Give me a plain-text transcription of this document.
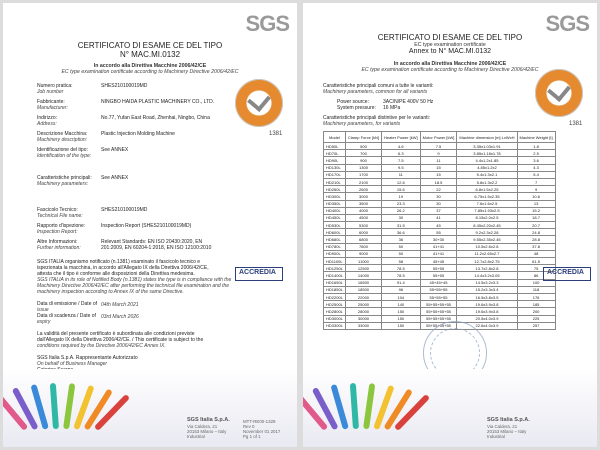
SGS
CERTIFICATO DI ESAME CE DEL TIPO
N° MAC.MI.0132
In accordo alla Direttiva Macchine 2006/42/CE
EC type examination certificate according to Machinery Directive 2006/42/EC
Numero pratica:
Job number
SHES210100019MD
Fabbricante:
Manufacturer:
NINGBO HAIDA PLASTIC MACHINERY CO., LTD.
Indirizzo:
Address:
No.77, Yufan East Road, Zhenhai, Ningbo, China
Descrizione Macchina:
Machinery description:
Plastic Injection Molding Machine
Identificazione del tipo:
Identification of the type:
See ANNEX
Caratteristiche principali:
Machinery parameters:
See ANNEX
Fascicolo Tecnico:
Technical File name:
SHES210100019MD
Rapporto d'ispezione:
Inspection Report:
Inspection Report (SHES210100019MD)
Altre Informazioni:
Further information:
Relevant Standards: EN ISO 20430:2020, EN 201:2009, EN 60204-1:2018, EN ISO 12100:2010
SGS ITALIA organismo notificato (n.1381) esaminato il fascicolo tecnico e
ispezionata la macchina, in accordo all'Allegato IX della Direttiva 2006/42/CE,
attesta che il tipo è conforme alle disposizioni della Direttiva medesima.
SGS ITALIA in its role of Notified Body (n.1381) states the type is in compliance with the
Machinery Directive 2006/42/EC after performing the technical file examination and the
machinery inspection according to Annex IX of the same Directive.
Data di emissione / Date of
issue
04th March 2021
Data di scadenza / Date of
expiry
03rd March 2026
La validità del presente certificato è subordinata alle condizioni previste
dall'Allegato IX della Direttiva 2006/42/CE. / This certificate is subject to the
conditions required by the Directive 2006/42/EC Annex IX.
SGS Italia S.p.A. Rappresentante Autorizzato
On behalf of Business Manager
1381
ACCREDIA
SGS Italia S.p.A.
Via Caldera, 21
20153 Milano – Italy
Industrial
MTT-RE00-1329
Rev 0
November 01 2017
Pg 1 of 1
SGS
CERTIFICATO DI ESAME CE DEL TIPO
EC type examination certificate
Annex to N° MAC.MI.0132
In accordo alla Direttiva Macchine 2006/42/CE
EC type examination certificate according to Machinery Directive 2006/42/EC
Caratteristiche principali comuni a tutte le varianti:
Machinery parameters, common for all variants
Power source:	3AC/N/PE 400V 50 Hz
System pressure: 16 MPa
Caratteristiche principali distintive per le varianti:
Machinery parameters, for variants
Model	Clamp Force [kN]	Heater Power [kW]	Motor Power [kW]	Machine dimension [m] LxWxH	Machine Weight [t]
HD50L	500	4.6	7.5	3.35x1.03x1.91	1.8
HD70L	700	6.3	9	3.85x1.18x1.78	2.5
HD90L	900	7.5	11	4.4x1.2x1.85	3.6
HD130L	1300	9.5	15	4.85x1.2x2	4.3
HD170L	1700	11	15	5.4x1.3x2.1	5.4
HD210L	2100	12.6	18.5	5.8x1.3x2.2	7
HD260L	2600	15.6	22	6.8x1.5x2.25	9
HD300L	3000	19	30	6.75x1.5x2.35	10.6
HD350L	3500	23.3	30	7.6x1.6x2.5	13
HD400L	4000	26.2	37	7.85x1.93x2.5	15.2
HD450L	4500	30	41	8.15x2.0x2.5	18.7
HD530L	5300	31.5	45	8.45x2.20x2.45	20.7
HD600L	6000	36.6	55	9.2x2.3x2.28	24.8
HD680L	6800	36	30+30	9.55x2.35x2.45	28.8
HD780L	7800	50	41+41	10.5x2.6x2.8	37.8
HD900L	9000	50	41+41	11.2x2.65x2.7	48
HD1100L	11000	58	45+45	12.7x2.8x2.75	61.5
HD1250L	12500	78.5	55+55	13.7x2.8x2.8	75
HD1400L	14000	78.5	55+55	14.4x3.2x3.05	86
HD1650L	16500	91.4	45+45+45	14.5x3.2x3.3	100
HD1850L	18500	96	55+55+55	15.2x3.3x3.4	118
HD2200L	22000	104	55+55+55	16.5x3.8x3.5	176
HD2500L	25000	140	55+55+55+55	19.6x3.9x3.8	185
HD2800L	28000	150	55+55+55+55	19.6x3.9x3.8	200
HD3000L	30000	150	55+55+55+55	20.5x4.0x3.9	225
HD3300L	33000	150	55+55+55+55	22.6x4.0x3.9	257
1381
ACCREDIA
SGS Italia S.p.A.
Via Caldera, 21
20153 Milano – Italy
Industrial
